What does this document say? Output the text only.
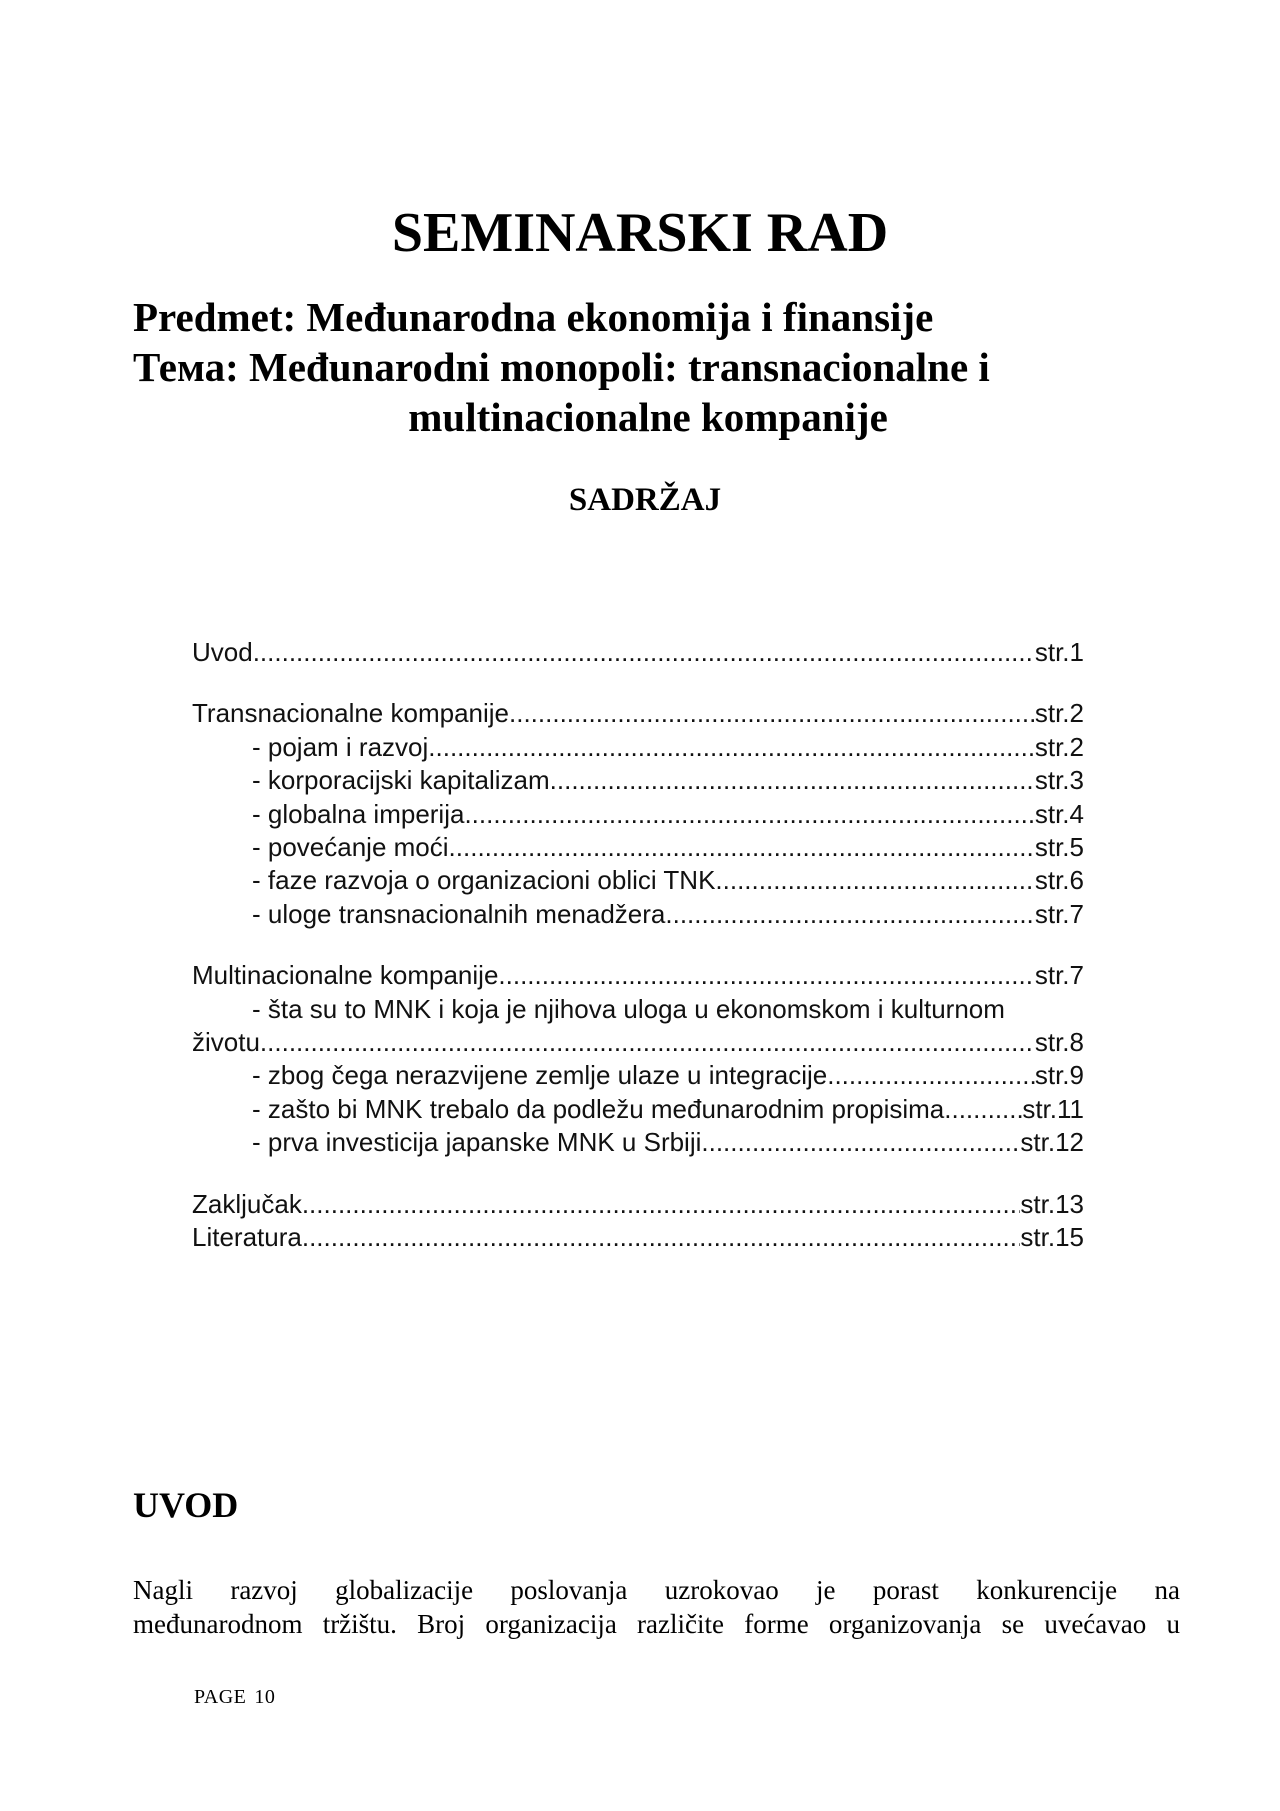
SEMINARSKI RAD
Predmet: Međunarodna ekonomija i finansije
Тема: Međunarodni monopoli: transnacionalne i
multinacionalne kompanije
SADRŽAJ
Uvod .....	str.1
Transnacionalne kompanije .....	str.2
- pojam i razvoj .....	str.2
- korporacijski kapitalizam .....	str.3
- globalna imperija .....	str.4
- povećanje moći .....	str.5
- faze razvoja o organizacioni oblici TNK .....	str.6
- uloge transnacionalnih menadžera .....	str.7
Multinacionalne kompanije .....	str.7
- šta su to MNK i koja je njihova uloga u ekonomskom i kulturnom
životu .....	str.8
- zbog čega nerazvijene zemlje ulaze u integracije .....	str.9
- zašto bi MNK trebalo da podležu međunarodnim propisima .....	str.11
- prva investicija japanske MNK u Srbiji .....	str.12
Zaključak .....	str.13
Literatura .....	str.15
UVOD
Nagli razvoj globalizacije poslovanja uzrokovao je porast konkurencije na
međunarodnom tržištu. Broj organizacija različite forme organizovanja se uvećavao u
PAGE 10
